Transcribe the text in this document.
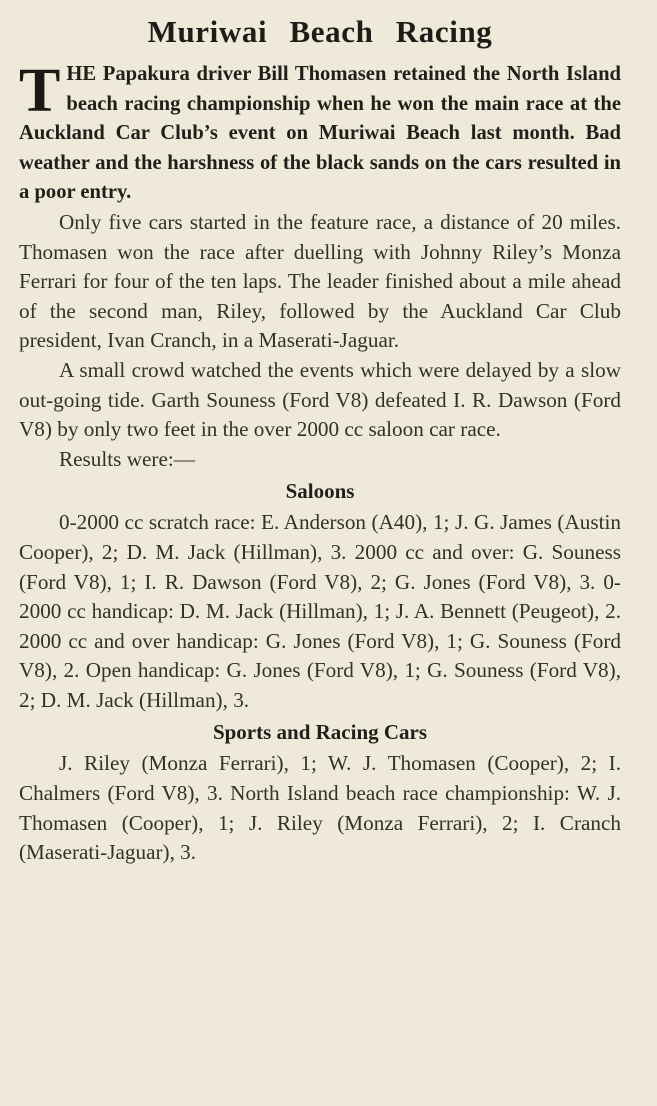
Muriwai Beach Racing

THE Papakura driver Bill Thomasen retained the North Island beach racing championship when he won the main race at the Auckland Car Club’s event on Muriwai Beach last month. Bad weather and the harshness of the black sands on the cars resulted in a poor entry.

Only five cars started in the feature race, a distance of 20 miles. Thomasen won the race after duelling with Johnny Riley’s Monza Ferrari for four of the ten laps. The leader finished about a mile ahead of the second man, Riley, followed by the Auckland Car Club president, Ivan Cranch, in a Maserati-Jaguar.

A small crowd watched the events which were delayed by a slow out-going tide. Garth Souness (Ford V8) defeated I. R. Dawson (Ford V8) by only two feet in the over 2000 cc saloon car race.

Results were:—

Saloons

0-2000 cc scratch race: E. Anderson (A40), 1; J. G. James (Austin Cooper), 2; D. M. Jack (Hillman), 3. 2000 cc and over: G. Souness (Ford V8), 1; I. R. Dawson (Ford V8), 2; G. Jones (Ford V8), 3. 0-2000 cc handicap: D. M. Jack (Hillman), 1; J. A. Bennett (Peugeot), 2. 2000 cc and over handicap: G. Jones (Ford V8), 1; G. Souness (Ford V8), 2. Open handicap: G. Jones (Ford V8), 1; G. Souness (Ford V8), 2; D. M. Jack (Hillman), 3.

Sports and Racing Cars

J. Riley (Monza Ferrari), 1; W. J. Thomasen (Cooper), 2; I. Chalmers (Ford V8), 3. North Island beach race championship: W. J. Thomasen (Cooper), 1; J. Riley (Monza Ferrari), 2; I. Cranch (Maserati-Jaguar), 3.
